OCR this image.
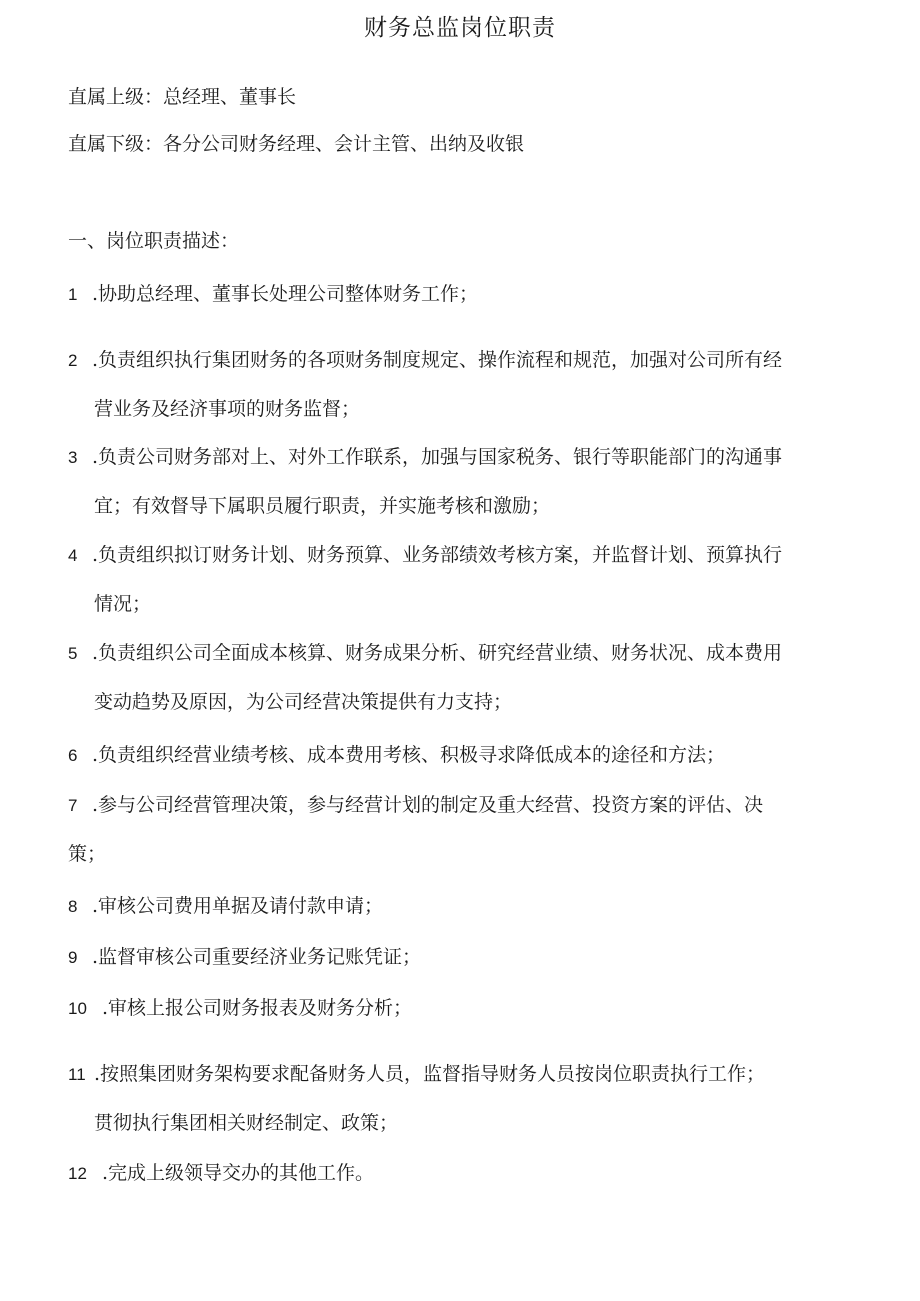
财务总监岗位职责
直属上级：总经理、董事长
直属下级：各分公司财务经理、会计主管、出纳及收银
一、岗位职责描述：
1 .协助总经理、董事长处理公司整体财务工作；
2 .负责组织执行集团财务的各项财务制度规定、操作流程和规范，加强对公司所有经
营业务及经济事项的财务监督；
3 .负责公司财务部对上、对外工作联系，加强与国家税务、银行等职能部门的沟通事
宜；有效督导下属职员履行职责，并实施考核和激励；
4 .负责组织拟订财务计划、财务预算、业务部绩效考核方案，并监督计划、预算执行
情况；
5 .负责组织公司全面成本核算、财务成果分析、研究经营业绩、财务状况、成本费用
变动趋势及原因，为公司经营决策提供有力支持；
6 .负责组织经营业绩考核、成本费用考核、积极寻求降低成本的途径和方法；
7 .参与公司经营管理决策，参与经营计划的制定及重大经营、投资方案的评估、决
策；
8 .审核公司费用单据及请付款申请；
9 .监督审核公司重要经济业务记账凭证；
10 .审核上报公司财务报表及财务分析；
11 .按照集团财务架构要求配备财务人员，监督指导财务人员按岗位职责执行工作；
贯彻执行集团相关财经制定、政策；
12 .完成上级领导交办的其他工作。
